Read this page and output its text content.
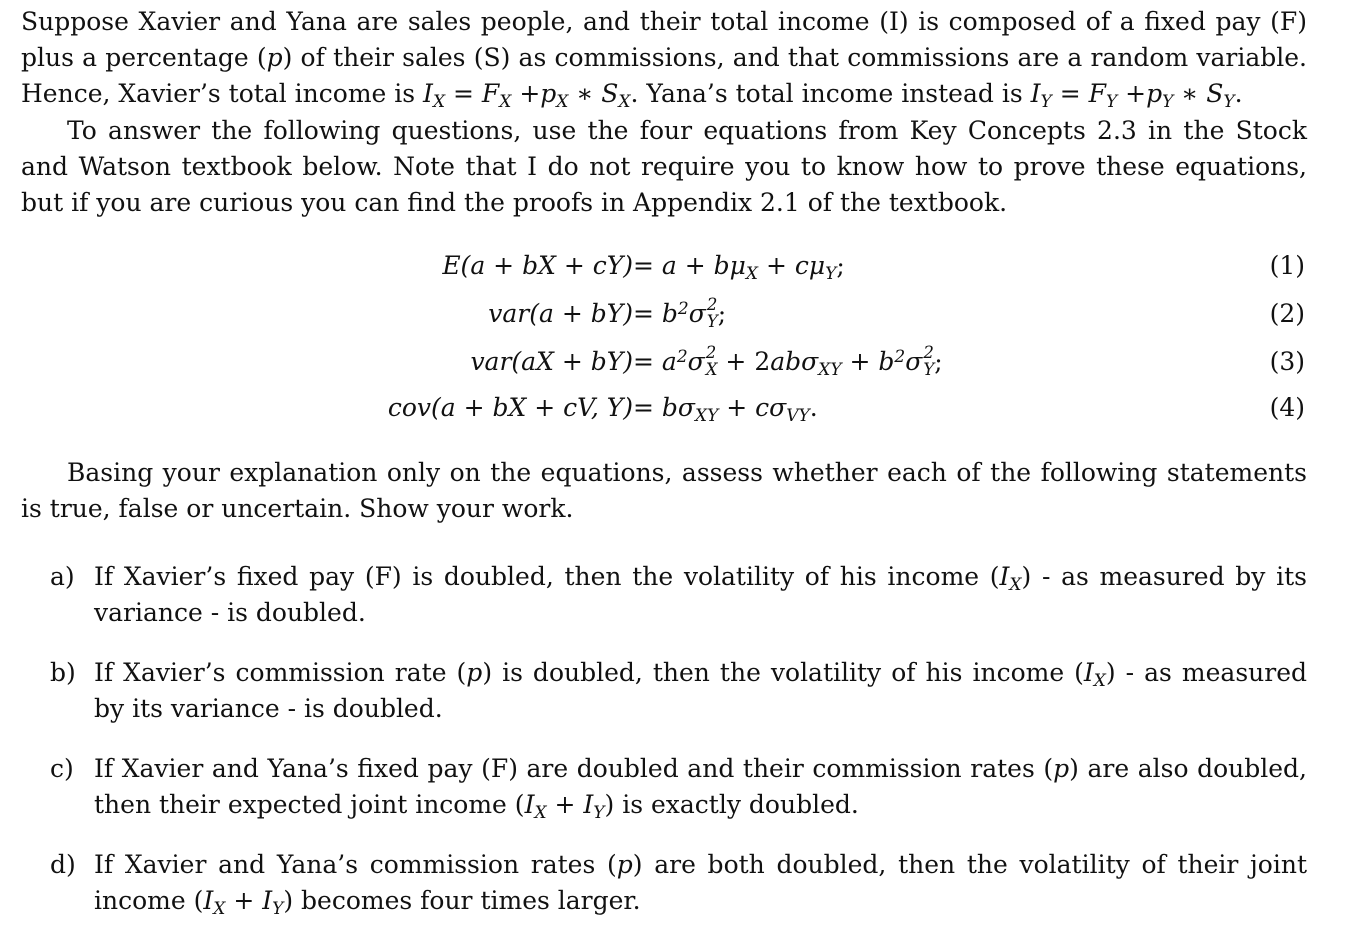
Suppose Xavier and Yana are sales people, and their total income (I) is composed of a fixed pay (F) plus a percentage (p) of their sales (S) as commissions, and that commissions are a random variable. Hence, Xavier’s total income is $I_X = F_X +p_X$ ∗ $S_X$. Yana’s total income instead is $I_Y = F_Y +p_Y$ ∗ $S_Y$.

To answer the following questions, use the four equations from Key Concepts 2.3 in the Stock and Watson textbook below. Note that I do not require you to know how to prove these equations, but if you are curious you can find the proofs in Appendix 2.1 of the textbook.

E(a + bX + $cY) = a + b\mu_X + c\mu_Y$;	(1)
$var(a + bY) = b^2\sigma$ 2
Y ;	(2)
$var(aX + bY) = a^2\sigma$ 2
$X + 2ab\sigma_{XY} + b^2\sigma$ 2
Y ;	(3)
cov(a + bX + cV, $Y) = b\sigma_{XY} + c\sigma_{VY}$.	(4)

Basing your explanation only on the equations, assess whether each of the following statements is true, false or uncertain. Show your work.

a) If Xavier’s fixed pay (F) is doubled, then the volatility of his income $(I_X)$ - as measured by its variance - is doubled.
b) If Xavier’s commission rate (p) is doubled, then the volatility of his income $(I_X)$ - as measured by its variance - is doubled.
c) If Xavier and Yana’s fixed pay (F) are doubled and their commission rates (p) are also doubled, then their expected joint income $(I_X + I_Y)$ is exactly doubled.
d) If Xavier and Yana’s commission rates (p) are both doubled, then the volatility of their joint income $(I_X + I_Y)$ becomes four times larger.
